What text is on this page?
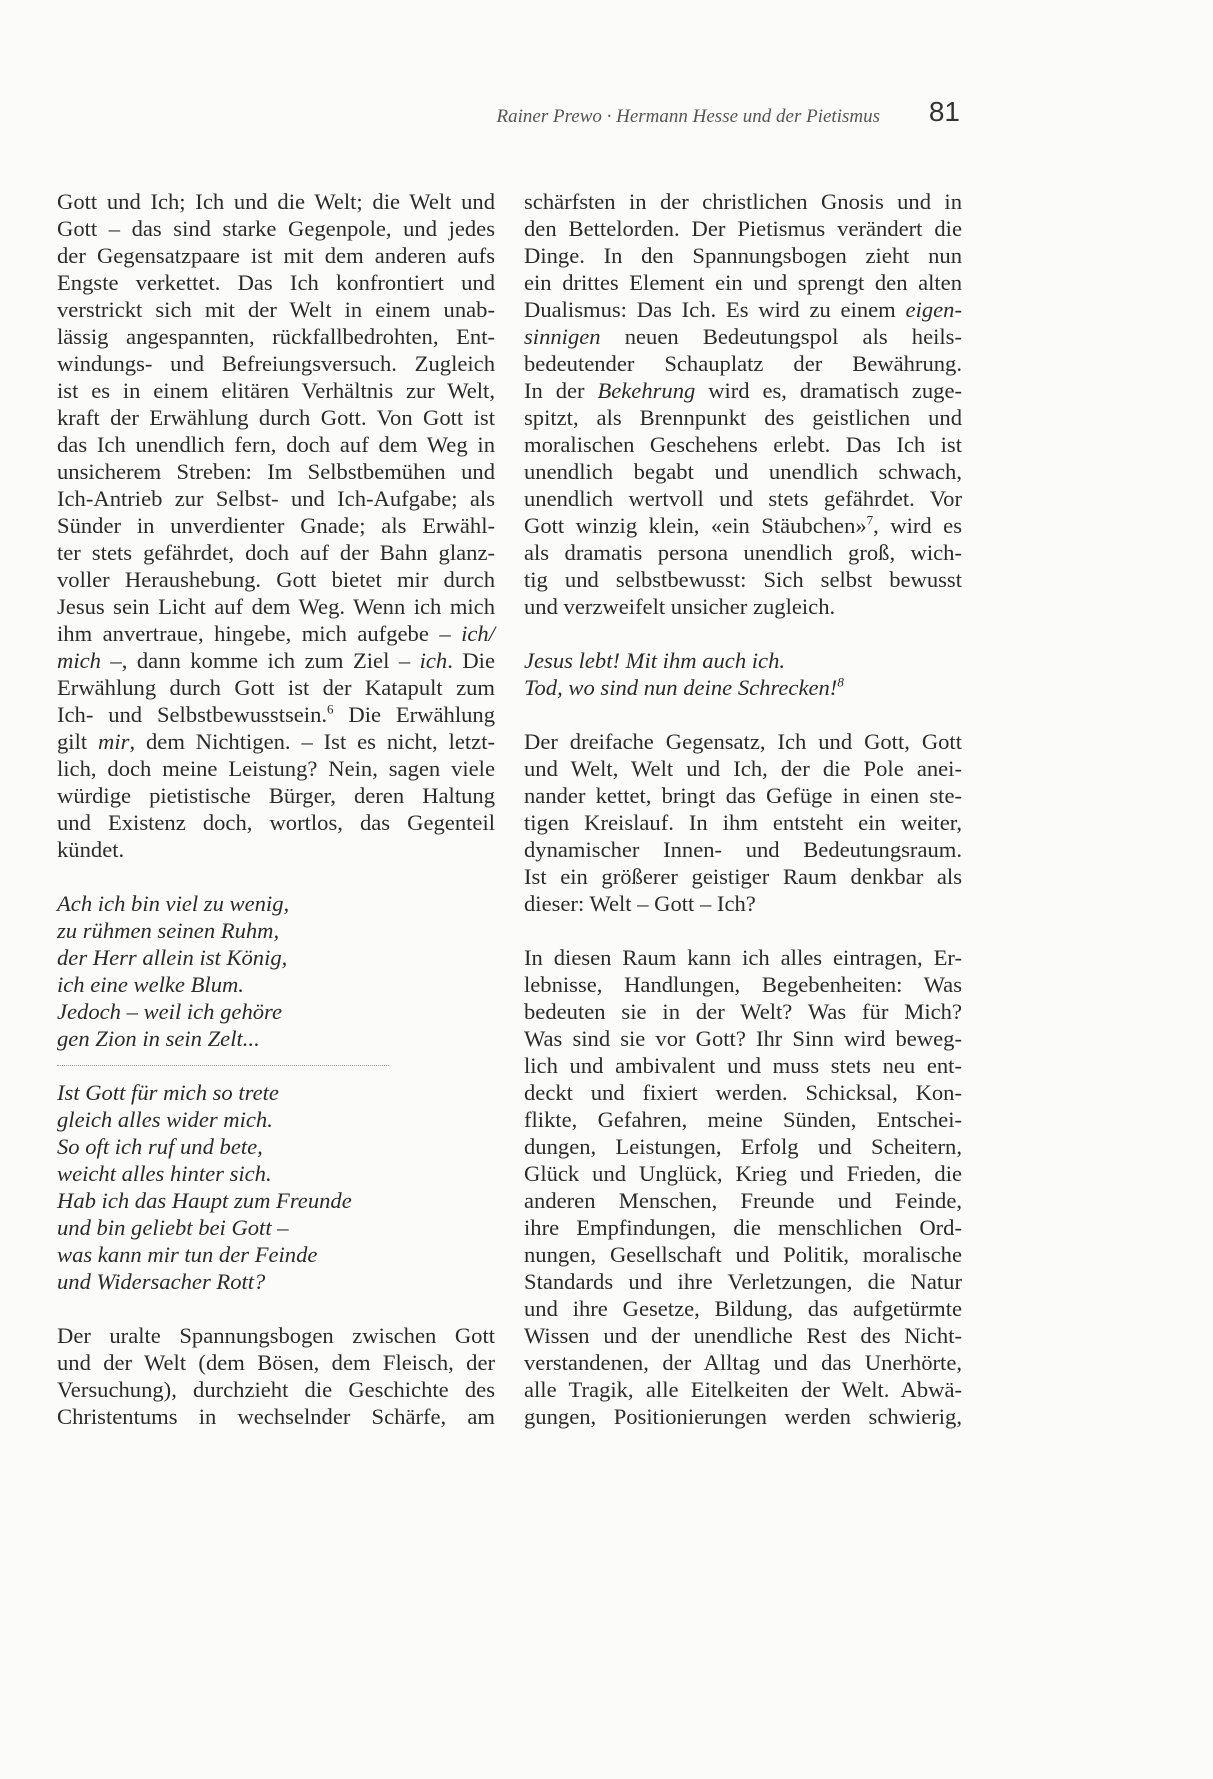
Rainer Prewo · Hermann Hesse und der Pietismus 81
Gott und Ich; Ich und die Welt; die Welt und
Gott – das sind starke Gegenpole, und jedes
der Gegensatzpaare ist mit dem anderen aufs
Engste verkettet. Das Ich konfrontiert und
verstrickt sich mit der Welt in einem unab-
lässig angespannten, rückfallbedrohten, Ent-
windungs- und Befreiungsversuch. Zugleich
ist es in einem elitären Verhältnis zur Welt,
kraft der Erwählung durch Gott. Von Gott ist
das Ich unendlich fern, doch auf dem Weg in
unsicherem Streben: Im Selbstbemühen und
Ich-Antrieb zur Selbst- und Ich-Aufgabe; als
Sünder in unverdienter Gnade; als Erwähl-
ter stets gefährdet, doch auf der Bahn glanz-
voller Heraushebung. Gott bietet mir durch
Jesus sein Licht auf dem Weg. Wenn ich mich
ihm anvertraue, hingebe, mich aufgebe – ich/
mich –, dann komme ich zum Ziel – ich. Die
Erwählung durch Gott ist der Katapult zum
Ich- und Selbstbewusstsein.$^6$ Die Erwählung
gilt mir, dem Nichtigen. – Ist es nicht, letzt-
lich, doch meine Leistung? Nein, sagen viele
würdige pietistische Bürger, deren Haltung
und Existenz doch, wortlos, das Gegenteil
kündet.
Ach ich bin viel zu wenig,
zu rühmen seinen Ruhm,
der Herr allein ist König,
ich eine welke Blum.
Jedoch – weil ich gehöre
gen Zion in sein Zelt...
Ist Gott für mich so trete
gleich alles wider mich.
So oft ich ruf und bete,
weicht alles hinter sich.
Hab ich das Haupt zum Freunde
und bin geliebt bei Gott –
was kann mir tun der Feinde
und Widersacher Rott?
Der uralte Spannungsbogen zwischen Gott
und der Welt (dem Bösen, dem Fleisch, der
Versuchung), durchzieht die Geschichte des
Christentums in wechselnder Schärfe, am
schärfsten in der christlichen Gnosis und in
den Bettelorden. Der Pietismus verändert die
Dinge. In den Spannungsbogen zieht nun
ein drittes Element ein und sprengt den alten
Dualismus: Das Ich. Es wird zu einem eigen-
sinnigen neuen Bedeutungspol als heils-
bedeutender Schauplatz der Bewährung.
In der Bekehrung wird es, dramatisch zuge-
spitzt, als Brennpunkt des geistlichen und
moralischen Geschehens erlebt. Das Ich ist
unendlich begabt und unendlich schwach,
unendlich wertvoll und stets gefährdet. Vor
Gott winzig klein, «ein Stäubchen»$^7$, wird es
als dramatis persona unendlich groß, wich-
tig und selbstbewusst: Sich selbst bewusst
und verzweifelt unsicher zugleich.
Jesus lebt! Mit ihm auch ich.
Tod, wo sind nun deine Schrecken!$^8$
Der dreifache Gegensatz, Ich und Gott, Gott
und Welt, Welt und Ich, der die Pole anei-
nander kettet, bringt das Gefüge in einen ste-
tigen Kreislauf. In ihm entsteht ein weiter,
dynamischer Innen- und Bedeutungsraum.
Ist ein größerer geistiger Raum denkbar als
dieser: Welt – Gott – Ich?
In diesen Raum kann ich alles eintragen, Er-
lebnisse, Handlungen, Begebenheiten: Was
bedeuten sie in der Welt? Was für Mich?
Was sind sie vor Gott? Ihr Sinn wird beweg-
lich und ambivalent und muss stets neu ent-
deckt und fixiert werden. Schicksal, Kon-
flikte, Gefahren, meine Sünden, Entschei-
dungen, Leistungen, Erfolg und Scheitern,
Glück und Unglück, Krieg und Frieden, die
anderen Menschen, Freunde und Feinde,
ihre Empfindungen, die menschlichen Ord-
nungen, Gesellschaft und Politik, moralische
Standards und ihre Verletzungen, die Natur
und ihre Gesetze, Bildung, das aufgetürmte
Wissen und der unendliche Rest des Nicht-
verstandenen, der Alltag und das Unerhörte,
alle Tragik, alle Eitelkeiten der Welt. Abwä-
gungen, Positionierungen werden schwierig,
